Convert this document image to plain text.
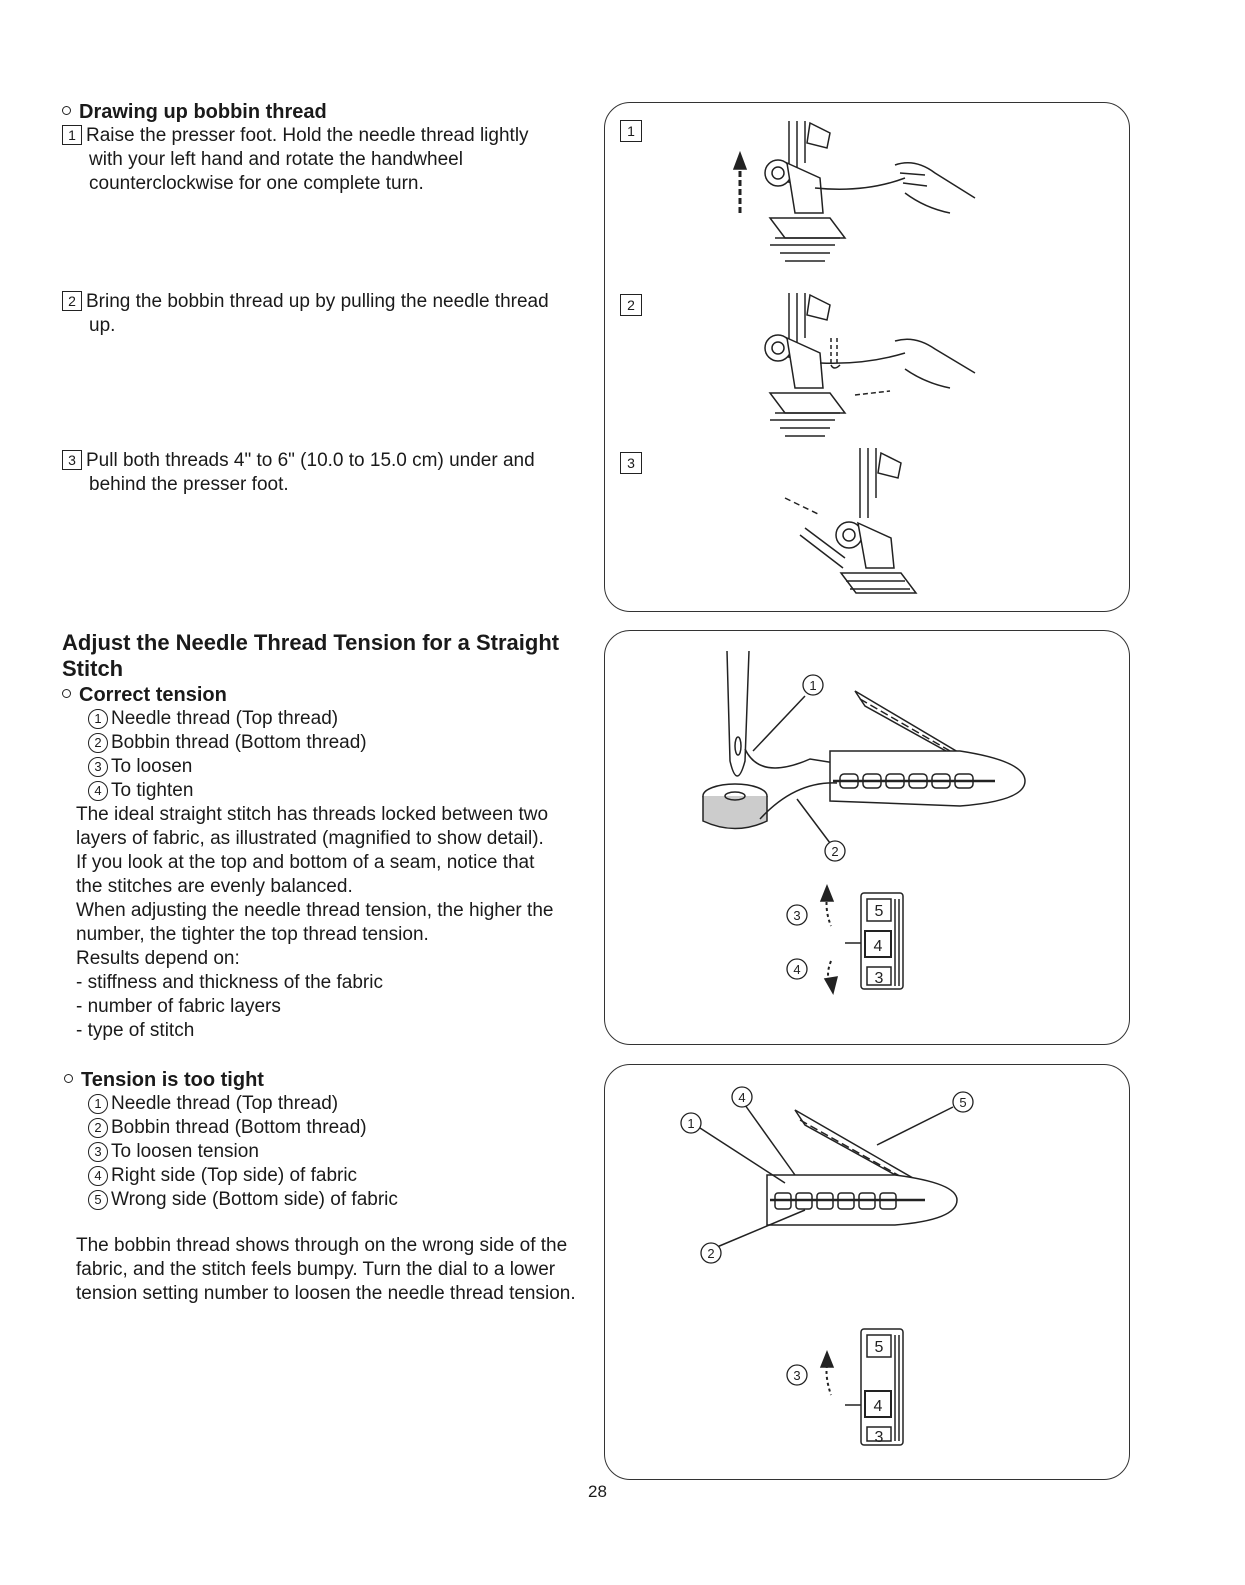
Drawing up bobbin thread
1 Raise the presser foot. Hold the needle thread lightly
with your left hand and rotate the handwheel
counterclockwise for one complete turn.
2 Bring the bobbin thread up by pulling the needle thread
up.
3 Pull both threads 4" to 6" (10.0 to 15.0 cm) under and
behind the presser foot.
Adjust the Needle Thread Tension for a Straight
Stitch
Correct tension
1 Needle thread (Top thread)
2 Bobbin thread (Bottom thread)
3 To loosen
4 To tighten
The ideal straight stitch has threads locked between two
layers of fabric, as illustrated (magnified to show detail).
If you look at the top and bottom of a seam, notice that
the stitches are evenly balanced.
When adjusting the needle thread tension, the higher the
number, the tighter the top thread tension.
Results depend on:
- stiffness and thickness of the fabric
- number of fabric layers
- type of stitch
Tension is too tight
1 Needle thread (Top thread)
2 Bobbin thread (Bottom thread)
3 To loosen tension
4 Right side (Top side) of fabric
5 Wrong side (Bottom side) of fabric
The bobbin thread shows through on the wrong side of the
fabric, and the stitch feels bumpy. Turn the dial to a lower
tension setting number to loosen the needle thread tension.
1
2
3
1
2
3
4
5
4
3
1
2
3
4	5
5
4
3
28
